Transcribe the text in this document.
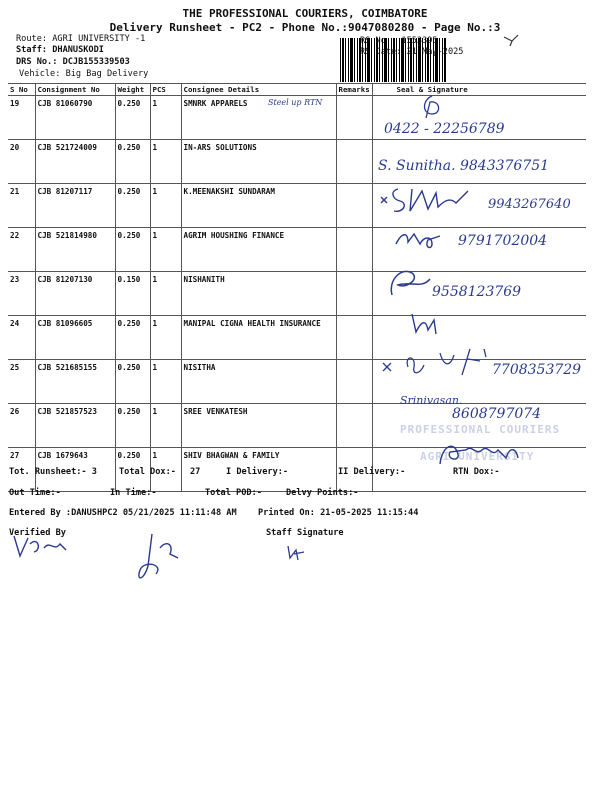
THE PROFESSIONAL COURIERS, COIMBATORE
Delivery Runsheet - PC2 - Phone No.:9047080280 - Page No.:3
Route: AGRI UNIVERSITY -1
Staff: DHANUSKODI
DRS No.: DCJB155339503
Vehicle: Big Bag Delivery
RS No.: 1553395
RS Date: 21-May-2025
S No	Consignment No	Weight	PCS	Consignee Details	Remarks	Seal & Signature
19	CJB 81060790	0.250	1	SMNRK APPARELS		
20	CJB 521724009	0.250	1	IN-ARS SOLUTIONS		
21	CJB 81207117	0.250	1	K.MEENAKSHI SUNDARAM		
22	CJB 521814980	0.250	1	AGRIM HOUSHING FINANCE		
23	CJB 81207130	0.150	1	NISHANITH		
24	CJB 81096605	0.250	1	MANIPAL CIGNA HEALTH INSURANCE		
25	CJB 521685155	0.250	1	NISITHA		
26	CJB 521857523	0.250	1	SREE VENKATESH		
27	CJB 1679643	0.250	1	SHIV BHAGWAN & FAMILY		
Steel up RTN
0422 - 22256789
S. Sunitha. 9843376751
9943267640
9791702004
9558123769
7708353729
Srinivasan.
8608797074
PROFESSIONAL COURIERS
AGRI UNIVERSITY
Tot. Runsheet:- 3	Total Dox:- 27	I Delivery:-	II Delivery:-	RTN Dox:-
Out Time:-	In Time:-	Total POD:-	Delvy Points:-
Entered By :DANUSHPC2 05/21/2025 11:11:48 AM Printed On: 21-05-2025 11:15:44
Verified By	Staff Signature
